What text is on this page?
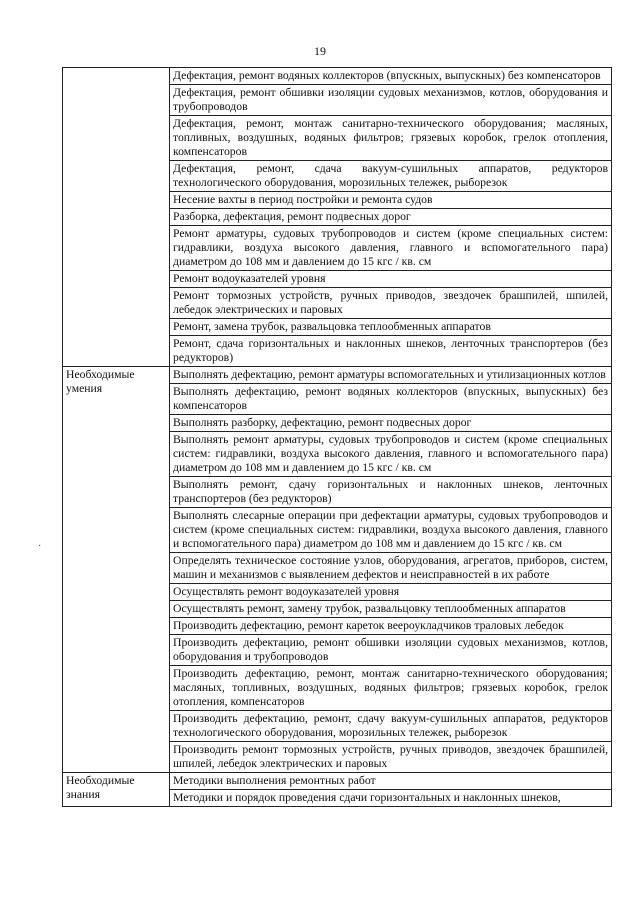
19
·
	Дефектация, ремонт водяных коллекторов (впускных, выпускных) без компенсаторов
	Дефектация, ремонт обшивки изоляции судовых механизмов, котлов, оборудования и трубопроводов
	Дефектация, ремонт, монтаж санитарно-технического оборудования; масляных, топливных, воздушных, водяных фильтров; грязевых коробок, грелок отопления, компенсаторов
	Дефектация, ремонт, сдача вакуум-сушильных аппаратов, редукторов технологического оборудования, морозильных тележек, рыборезок
	Несение вахты в период постройки и ремонта судов
	Разборка, дефектация, ремонт подвесных дорог
	Ремонт арматуры, судовых трубопроводов и систем (кроме специальных систем: гидравлики, воздуха высокого давления, главного и вспомогательного пара) диаметром до 108 мм и давлением до 15 кгс / кв. см
	Ремонт водоуказателей уровня
	Ремонт тормозных устройств, ручных приводов, звездочек брашпилей, шпилей, лебедок электрических и паровых
	Ремонт, замена трубок, развальцовка теплообменных аппаратов
	Ремонт, сдача горизонтальных и наклонных шнеков, ленточных транспортеров (без редукторов)
Необходимые умения	Выполнять дефектацию, ремонт арматуры вспомогательных и утилизационных котлов
	Выполнять дефектацию, ремонт водяных коллекторов (впускных, выпускных) без компенсаторов
	Выполнять разборку, дефектацию, ремонт подвесных дорог
	Выполнять ремонт арматуры, судовых трубопроводов и систем (кроме специальных систем: гидравлики, воздуха высокого давления, главного и вспомогательного пара) диаметром до 108 мм и давлением до 15 кгс / кв. см
	Выполнять ремонт, сдачу горизонтальных и наклонных шнеков, ленточных транспортеров (без редукторов)
	Выполнять слесарные операции при дефектации арматуры, судовых трубопроводов и систем (кроме специальных систем: гидравлики, воздуха высокого давления, главного и вспомогательного пара) диаметром до 108 мм и давлением до 15 кгс / кв. см
	Определять техническое состояние узлов, оборудования, агрегатов, приборов, систем, машин и механизмов с выявлением дефектов и неисправностей в их работе
	Осуществлять ремонт водоуказателей уровня
	Осуществлять ремонт, замену трубок, развальцовку теплообменных аппаратов
	Производить дефектацию, ремонт кареток веероукладчиков траловых лебедок
	Производить дефектацию, ремонт обшивки изоляции судовых механизмов, котлов, оборудования и трубопроводов
	Производить дефектацию, ремонт, монтаж санитарно-технического оборудования; масляных, топливных, воздушных, водяных фильтров; грязевых коробок, грелок отопления, компенсаторов
	Производить дефектацию, ремонт, сдачу вакуум-сушильных аппаратов, редукторов технологического оборудования, морозильных тележек, рыборезок
	Производить ремонт тормозных устройств, ручных приводов, звездочек брашпилей, шпилей, лебедок электрических и паровых
Необходимые знания	Методики выполнения ремонтных работ
	Методики и порядок проведения сдачи горизонтальных и наклонных шнеков,
